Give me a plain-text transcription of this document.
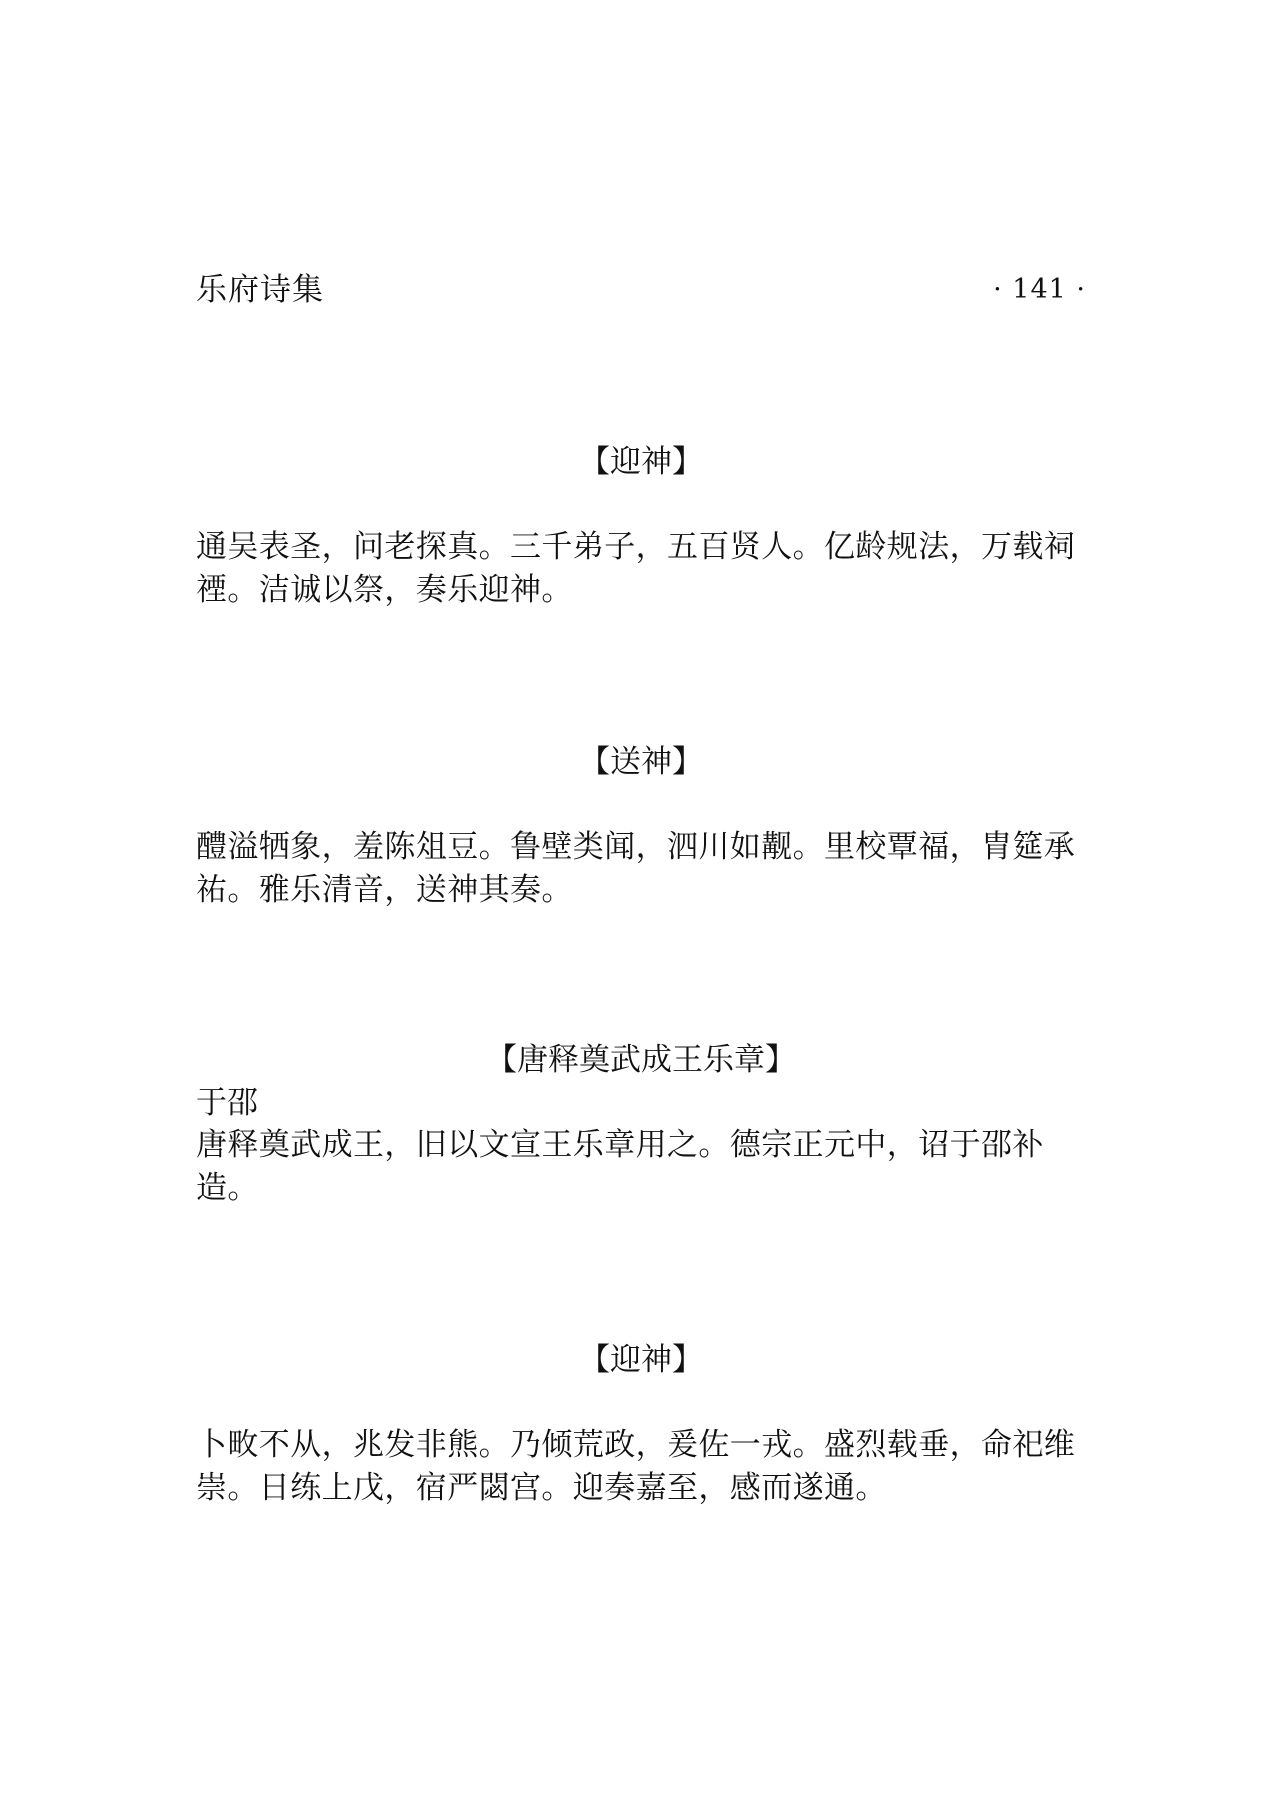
乐府诗集	· 141 ·
【迎神】

通吴表圣，问老探真。三千弟子，五百贤人。亿龄规法，万载祠禋。洁诚以祭，奏乐迎神。

【送神】

醴溢牺象，羞陈俎豆。鲁壁类闻，泗川如觏。里校覃福，胄筵承祐。雅乐清音，送神其奏。

【唐释奠武成王乐章】

于邵

唐释奠武成王，旧以文宣王乐章用之。德宗正元中，诏于邵补造。

【迎神】

卜畋不从，兆发非熊。乃倾荒政，爰佐一戎。盛烈载垂，命祀维崇。日练上戊，宿严閟宫。迎奏嘉至，感而遂通。
